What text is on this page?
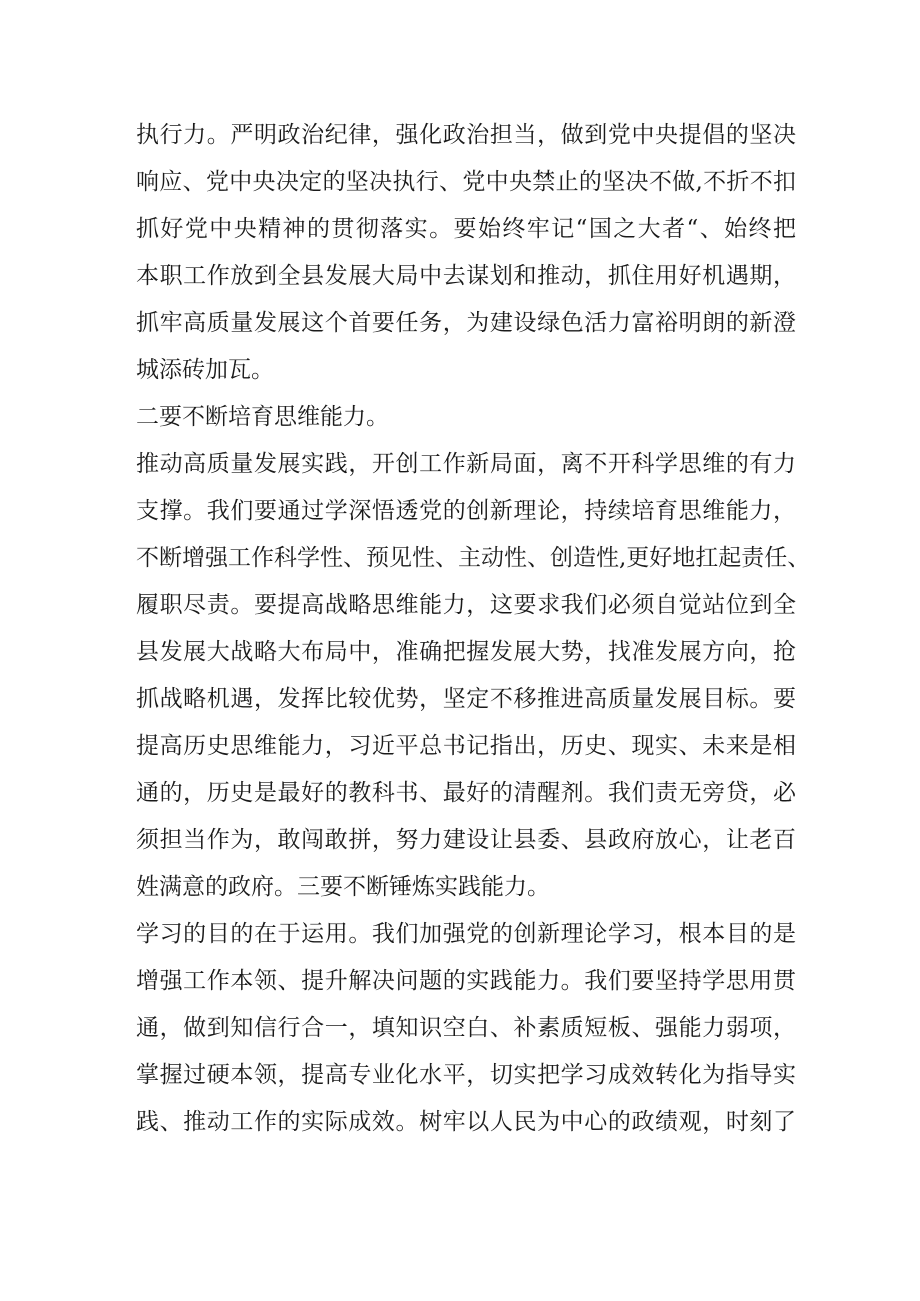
执行力。严明政治纪律，强化政治担当，做到党中央提倡的坚决
响应、党中央决定的坚决执行、党中央禁止的坚决不做,不折不扣
抓好党中央精神的贯彻落实。要始终牢记“国之大者“、始终把
本职工作放到全县发展大局中去谋划和推动，抓住用好机遇期，
抓牢高质量发展这个首要任务，为建设绿色活力富裕明朗的新澄
城添砖加瓦。
二要不断培育思维能力。
推动高质量发展实践，开创工作新局面，离不开科学思维的有力
支撑。我们要通过学深悟透党的创新理论，持续培育思维能力，
不断增强工作科学性、预见性、主动性、创造性,更好地扛起责任、
履职尽责。要提高战略思维能力，这要求我们必须自觉站位到全
县发展大战略大布局中，准确把握发展大势，找准发展方向，抢
抓战略机遇，发挥比较优势，坚定不移推进高质量发展目标。要
提高历史思维能力，习近平总书记指出，历史、现实、未来是相
通的，历史是最好的教科书、最好的清醒剂。我们责无旁贷，必
须担当作为，敢闯敢拼，努力建设让县委、县政府放心，让老百
姓满意的政府。三要不断锤炼实践能力。
学习的目的在于运用。我们加强党的创新理论学习，根本目的是
增强工作本领、提升解决问题的实践能力。我们要坚持学思用贯
通，做到知信行合一，填知识空白、补素质短板、强能力弱项，
掌握过硬本领，提高专业化水平，切实把学习成效转化为指导实
践、推动工作的实际成效。树牢以人民为中心的政绩观，时刻了
